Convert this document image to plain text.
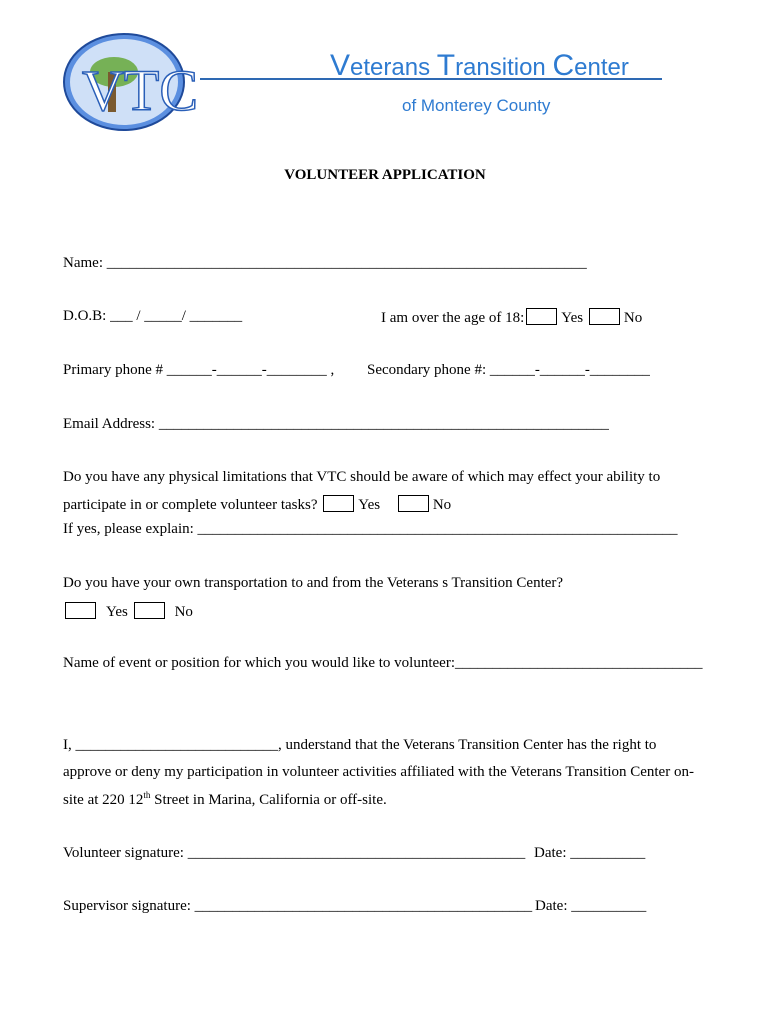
VTC	Veterans Transition Center
of Monterey County
VOLUNTEER APPLICATION
Name: ________________________________________________________________
D.O.B: ___ / _____/ _______	I am over the age of 18: Yes	No
Primary phone # ______-______-________ , Secondary phone #: ______-______-________
Email Address: ____________________________________________________________
Do you have any physical limitations that VTC should be aware of which may effect your ability to
participate in or complete volunteer tasks?	Yes	No
If yes, please explain: ________________________________________________________________
Do you have your own transportation to and from the Veterans s Transition Center?
Yes	No
Name of event or position for which you would like to volunteer:_________________________________
I, ___________________________, understand that the Veterans Transition Center has the right to
approve or deny my participation in volunteer activities affiliated with the Veterans Transition Center on-
site at 220 12th Street in Marina, California or off-site.
Volunteer signature: _____________________________________________ Date: __________
Supervisor signature: _____________________________________________ Date: __________
